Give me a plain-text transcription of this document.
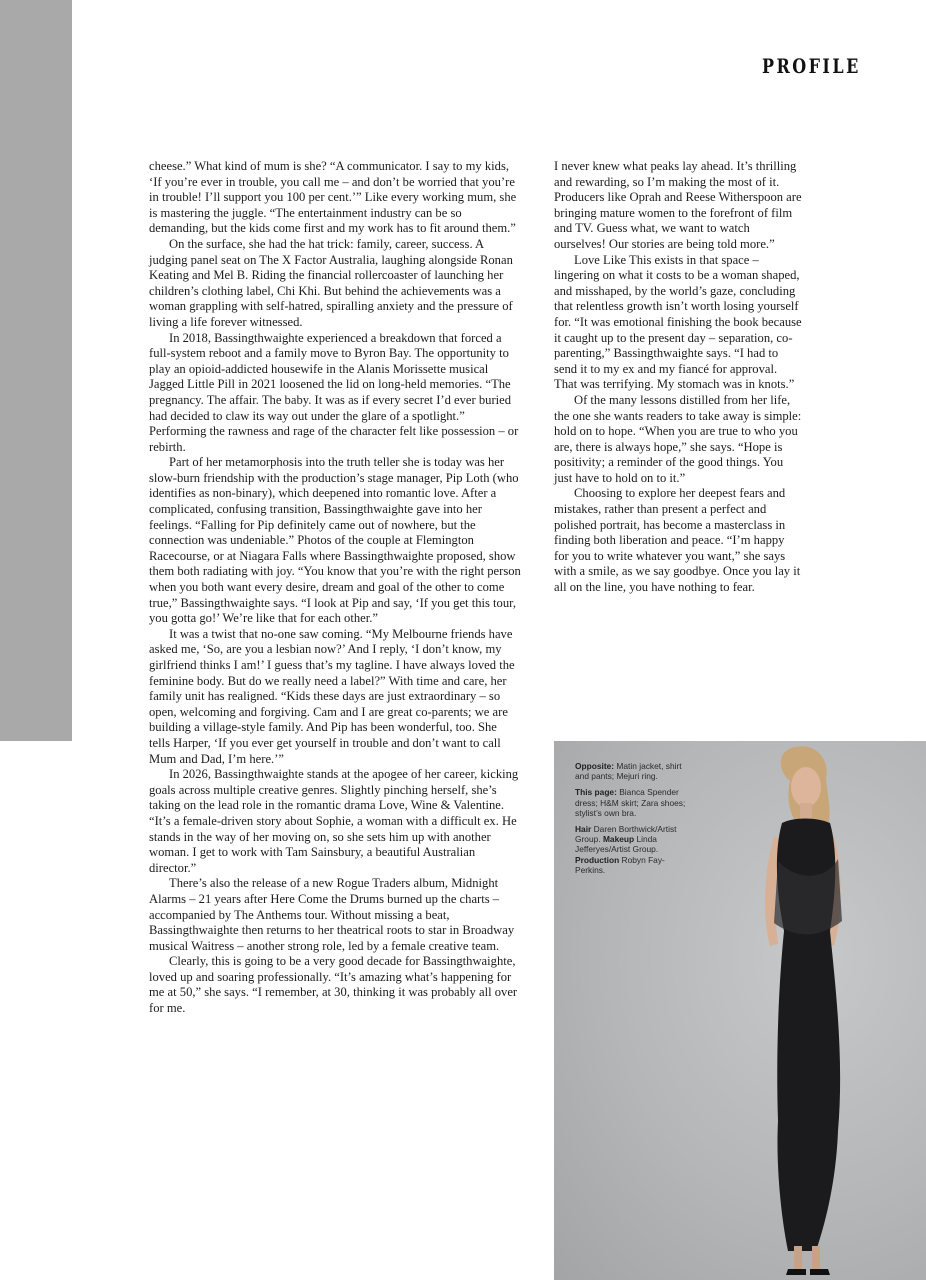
PROFILE

cheese.” What kind of mum is she? “A communicator. I say to my kids, ‘If you’re ever in trouble, you call me – and don’t be worried that you’re in trouble! I’ll support you 100 per cent.’” Like every working mum, she is mastering the juggle. “The entertainment industry can be so demanding, but the kids come first and my work has to fit around them.”

On the surface, she had the hat trick: family, career, success. A judging panel seat on The X Factor Australia, laughing alongside Ronan Keating and Mel B. Riding the financial rollercoaster of launching her children’s clothing label, Chi Khi. But behind the achievements was a woman grappling with self-hatred, spiralling anxiety and the pressure of living a life forever witnessed.

In 2018, Bassingthwaighte experienced a breakdown that forced a full-system reboot and a family move to Byron Bay. The opportunity to play an opioid-addicted housewife in the Alanis Morissette musical Jagged Little Pill in 2021 loosened the lid on long-held memories. “The pregnancy. The affair. The baby. It was as if every secret I’d ever buried had decided to claw its way out under the glare of a spotlight.” Performing the rawness and rage of the character felt like possession – or rebirth.

Part of her metamorphosis into the truth teller she is today was her slow-burn friendship with the production’s stage manager, Pip Loth (who identifies as non-binary), which deepened into romantic love. After a complicated, confusing transition, Bassingthwaighte gave into her feelings. “Falling for Pip definitely came out of nowhere, but the connection was undeniable.” Photos of the couple at Flemington Racecourse, or at Niagara Falls where Bassingthwaighte proposed, show them both radiating with joy. “You know that you’re with the right person when you both want every desire, dream and goal of the other to come true,” Bassingthwaighte says. “I look at Pip and say, ‘If you get this tour, you gotta go!’ We’re like that for each other.”

It was a twist that no-one saw coming. “My Melbourne friends have asked me, ‘So, are you a lesbian now?’ And I reply, ‘I don’t know, my girlfriend thinks I am!’ I guess that’s my tagline. I have always loved the feminine body. But do we really need a label?” With time and care, her family unit has realigned. “Kids these days are just extraordinary – so open, welcoming and forgiving. Cam and I are great co-parents; we are building a village-style family. And Pip has been wonderful, too. She tells Harper, ‘If you ever get yourself in trouble and don’t want to call Mum and Dad, I’m here.’”

In 2026, Bassingthwaighte stands at the apogee of her career, kicking goals across multiple creative genres. Slightly pinching herself, she’s taking on the lead role in the romantic drama Love, Wine & Valentine. “It’s a female-driven story about Sophie, a woman with a difficult ex. He stands in the way of her moving on, so she sets him up with another woman. I get to work with Tam Sainsbury, a beautiful Australian director.”

There’s also the release of a new Rogue Traders album, Midnight Alarms – 21 years after Here Come the Drums burned up the charts – accompanied by The Anthems tour. Without missing a beat, Bassingthwaighte then returns to her theatrical roots to star in Broadway musical Waitress – another strong role, led by a female creative team.

Clearly, this is going to be a very good decade for Bassingthwaighte, loved up and soaring professionally. “It’s amazing what’s happening for me at 50,” she says. “I remember, at 30, thinking it was probably all over for me.

I never knew what peaks lay ahead. It’s thrilling and rewarding, so I’m making the most of it. Producers like Oprah and Reese Witherspoon are bringing mature women to the forefront of film and TV. Guess what, we want to watch ourselves! Our stories are being told more.”

Love Like This exists in that space – lingering on what it costs to be a woman shaped, and misshaped, by the world’s gaze, concluding that relentless growth isn’t worth losing yourself for. “It was emotional finishing the book because it caught up to the present day – separation, co-parenting,” Bassingthwaighte says. “I had to send it to my ex and my fiancé for approval. That was terrifying. My stomach was in knots.”

Of the many lessons distilled from her life, the one she wants readers to take away is simple: hold on to hope. “When you are true to who you are, there is always hope,” she says. “Hope is positivity; a reminder of the good things. You just have to hold on to it.”

Choosing to explore her deepest fears and mistakes, rather than present a perfect and polished portrait, has become a masterclass in finding both liberation and peace. “I’m happy for you to write whatever you want,” she says with a smile, as we say goodbye. Once you lay it all on the line, you have nothing to fear.

Opposite: Matin jacket, shirt and pants; Mejuri ring.

This page: Bianca Spender dress; H&M skirt; Zara shoes; stylist’s own bra.

Hair Daren Borthwick/Artist Group. Makeup Linda Jefferyes/Artist Group. Production Robyn Fay-Perkins.
